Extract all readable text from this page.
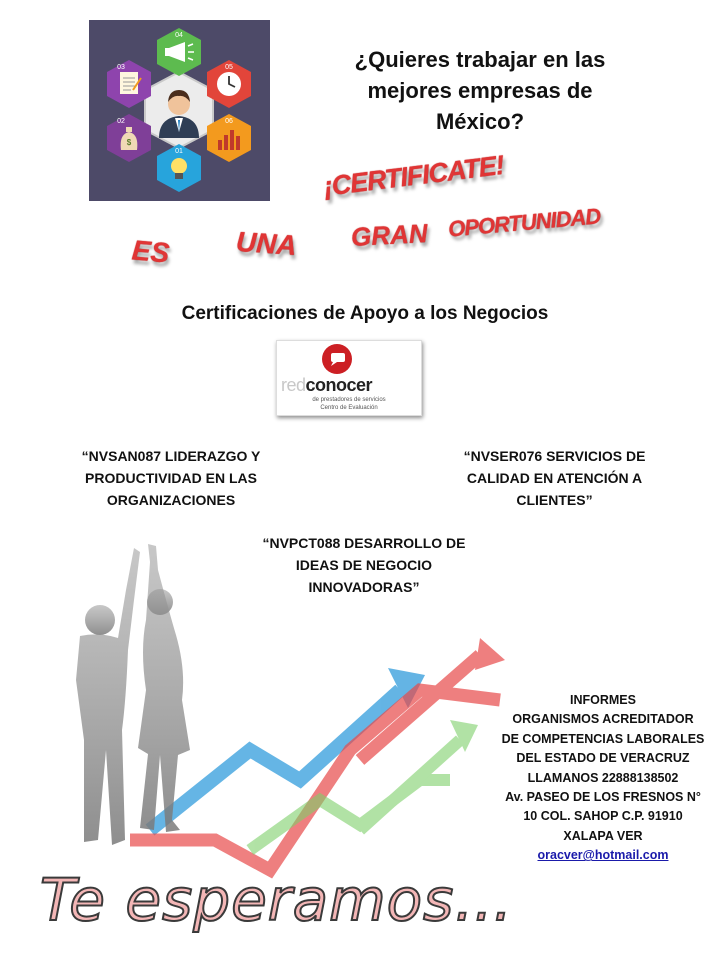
04
05
06
01
$
02
03	¿Quieres trabajar en las
mejores empresas de
México?
¡CERTIFICATE!
ES UNA GRAN OPORTUNIDAD
Certificaciones de Apoyo a los Negocios
redconocer
de prestadores de servicios
Centro de Evaluación
“NVSAN087 LIDERAZGO Y
PRODUCTIVIDAD EN LAS
ORGANIZACIONES
“NVSER076 SERVICIOS DE
CALIDAD EN ATENCIÓN A
CLIENTES”
“NVPCT088 DESARROLLO DE
IDEAS DE NEGOCIO
INNOVADORAS”
INFORMES
ORGANISMOS ACREDITADOR
DE COMPETENCIAS LABORALES
DEL ESTADO DE VERACRUZ
LLAMANOS 22888138502
Av. PASEO DE LOS FRESNOS N°
10 COL. SAHOP C.P. 91910
XALAPA VER
oracver@hotmail.com
Te esperamos…
